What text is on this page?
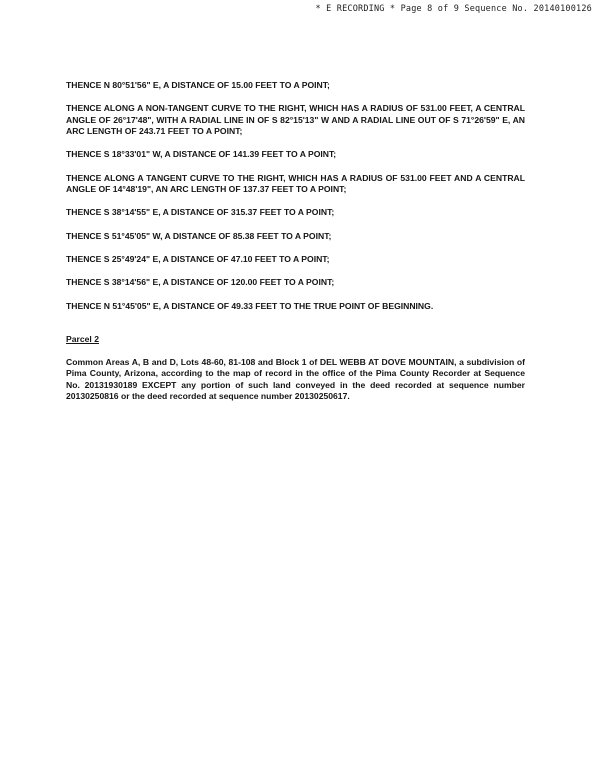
* E RECORDING * Page 8 of 9 Sequence No. 20140100126

THENCE N 80°51'56" E, A DISTANCE OF 15.00 FEET TO A POINT;

THENCE ALONG A NON-TANGENT CURVE TO THE RIGHT, WHICH HAS A RADIUS OF 531.00 FEET, A CENTRAL ANGLE OF 26°17'48", WITH A RADIAL LINE IN OF S 82°15'13" W AND A RADIAL LINE OUT OF S 71°26'59" E, AN ARC LENGTH OF 243.71 FEET TO A POINT;

THENCE S 18°33'01" W, A DISTANCE OF 141.39 FEET TO A POINT;

THENCE ALONG A TANGENT CURVE TO THE RIGHT, WHICH HAS A RADIUS OF 531.00 FEET AND A CENTRAL ANGLE OF 14°48'19", AN ARC LENGTH OF 137.37 FEET TO A POINT;

THENCE S 38°14'55" E, A DISTANCE OF 315.37 FEET TO A POINT;

THENCE S 51°45'05" W, A DISTANCE OF 85.38 FEET TO A POINT;

THENCE S 25°49'24" E, A DISTANCE OF 47.10 FEET TO A POINT;

THENCE S 38°14'56" E, A DISTANCE OF 120.00 FEET TO A POINT;

THENCE N 51°45'05" E, A DISTANCE OF 49.33 FEET TO THE TRUE POINT OF BEGINNING.

Parcel 2

Common Areas A, B and D, Lots 48-60, 81-108 and Block 1 of DEL WEBB AT DOVE MOUNTAIN, a subdivision of Pima County, Arizona, according to the map of record in the office of the Pima County Recorder at Sequence No. 20131930189 EXCEPT any portion of such land conveyed in the deed recorded at sequence number 20130250816 or the deed recorded at sequence number 20130250617.
